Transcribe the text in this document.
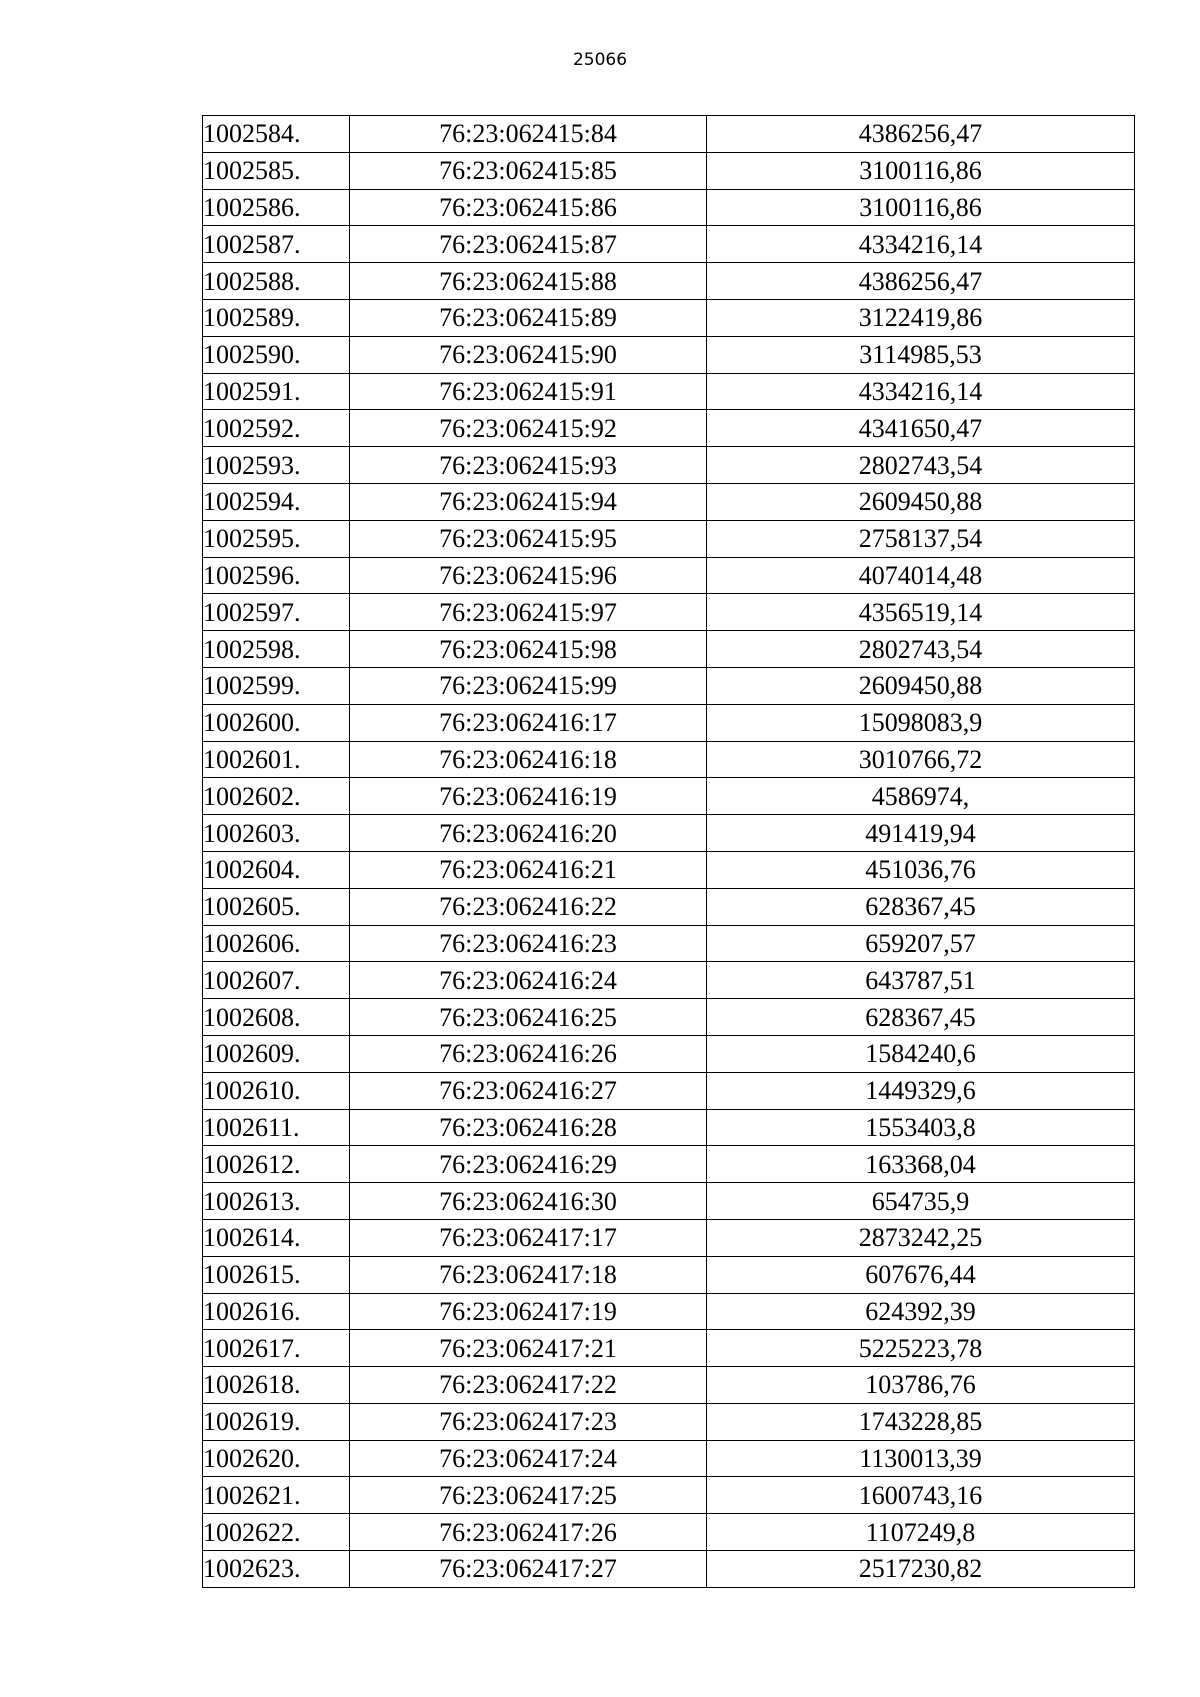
25066
1002584.	76:23:062415:84	4386256,47
1002585.	76:23:062415:85	3100116,86
1002586.	76:23:062415:86	3100116,86
1002587.	76:23:062415:87	4334216,14
1002588.	76:23:062415:88	4386256,47
1002589.	76:23:062415:89	3122419,86
1002590.	76:23:062415:90	3114985,53
1002591.	76:23:062415:91	4334216,14
1002592.	76:23:062415:92	4341650,47
1002593.	76:23:062415:93	2802743,54
1002594.	76:23:062415:94	2609450,88
1002595.	76:23:062415:95	2758137,54
1002596.	76:23:062415:96	4074014,48
1002597.	76:23:062415:97	4356519,14
1002598.	76:23:062415:98	2802743,54
1002599.	76:23:062415:99	2609450,88
1002600.	76:23:062416:17	15098083,9
1002601.	76:23:062416:18	3010766,72
1002602.	76:23:062416:19	4586974,
1002603.	76:23:062416:20	491419,94
1002604.	76:23:062416:21	451036,76
1002605.	76:23:062416:22	628367,45
1002606.	76:23:062416:23	659207,57
1002607.	76:23:062416:24	643787,51
1002608.	76:23:062416:25	628367,45
1002609.	76:23:062416:26	1584240,6
1002610.	76:23:062416:27	1449329,6
1002611.	76:23:062416:28	1553403,8
1002612.	76:23:062416:29	163368,04
1002613.	76:23:062416:30	654735,9
1002614.	76:23:062417:17	2873242,25
1002615.	76:23:062417:18	607676,44
1002616.	76:23:062417:19	624392,39
1002617.	76:23:062417:21	5225223,78
1002618.	76:23:062417:22	103786,76
1002619.	76:23:062417:23	1743228,85
1002620.	76:23:062417:24	1130013,39
1002621.	76:23:062417:25	1600743,16
1002622.	76:23:062417:26	1107249,8
1002623.	76:23:062417:27	2517230,82
